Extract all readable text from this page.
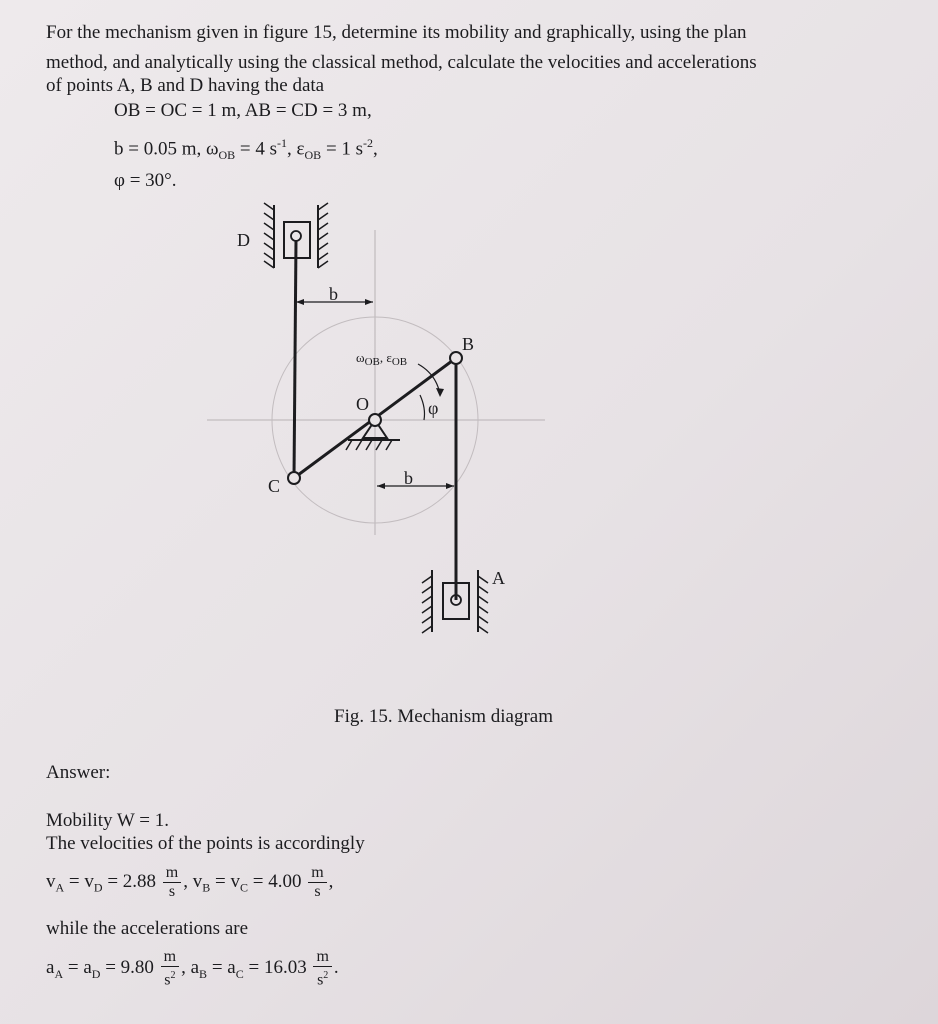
For the mechanism given in figure 15, determine its mobility and graphically, using the plan
method, and analytically using the classical method, calculate the velocities and accelerations
of points A, B and D having the data
OB = OC = 1 m, AB = CD = 3 m,
b = 0.05 m, $\omega_{OB} = 4$ $s^{-1}$, $\varepsilon_{OB} = 1$ $s^{-2}$,
φ = 30°.
D
b
B
C
O
$\omega_{OB}$, $\varepsilon_{OB}$
φ
b
A
Fig. 15. Mechanism diagram
Answer:
Mobility W = 1.
The velocities of the points is accordingly
$v_A = v_D = 2.88 \frac{m}{s}$ , $v_B = v_C = 4.00 \frac{m}{s}$ ,
while the accelerations are
$a_A = a_D = 9.80 \frac{m}{s^2}$ , $a_B = a_C = 16.03 \frac{m}{s^2}$ .
